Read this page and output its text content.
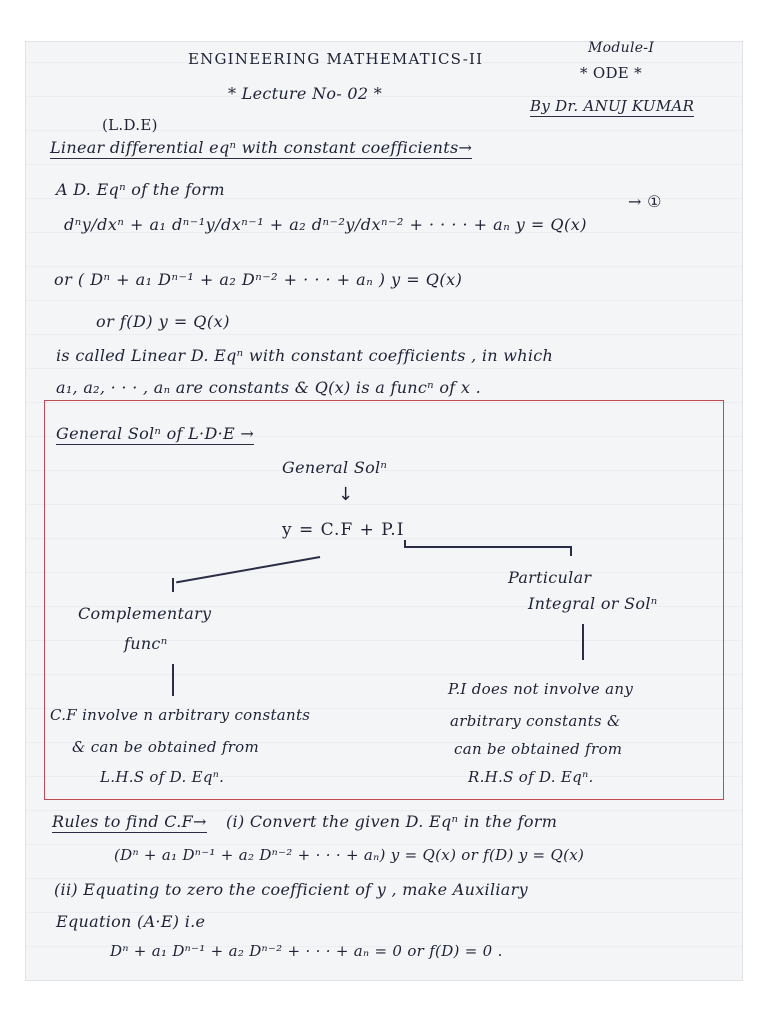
ENGINEERING MATHEMATICS-II
Module-I
* ODE *
* Lecture No- 02 *
By Dr. ANUJ KUMAR
(L.D.E)
Linear differential eqⁿ with constant coefficients→
A D. Eqⁿ of the form
dⁿy/dxⁿ + a₁ dⁿ⁻¹y/dxⁿ⁻¹ + a₂ dⁿ⁻²y/dxⁿ⁻² + · · · · + aₙ y = Q(x)
→ ①
or ( Dⁿ + a₁ Dⁿ⁻¹ + a₂ Dⁿ⁻² + · · · + aₙ ) y = Q(x)
or f(D) y = Q(x)
is called Linear D. Eqⁿ with constant coefficients , in which
a₁, a₂, · · · , aₙ are constants & Q(x) is a funcⁿ of x .
General Solⁿ of L·D·E →
General Solⁿ
↓
y = C.F + P.I
Complementary
funcⁿ
Particular
Integral or Solⁿ
C.F involve n arbitrary constants
& can be obtained from
L.H.S of D. Eqⁿ.
P.I does not involve any
arbitrary constants &
can be obtained from
R.H.S of D. Eqⁿ.
Rules to find C.F→ (i) Convert the given D. Eqⁿ in the form
(Dⁿ + a₁ Dⁿ⁻¹ + a₂ Dⁿ⁻² + · · · + aₙ) y = Q(x) or f(D) y = Q(x)
(ii) Equating to zero the coefficient of y , make Auxiliary
Equation (A·E) i.e
Dⁿ + a₁ Dⁿ⁻¹ + a₂ Dⁿ⁻² + · · · + aₙ = 0 or f(D) = 0 .
